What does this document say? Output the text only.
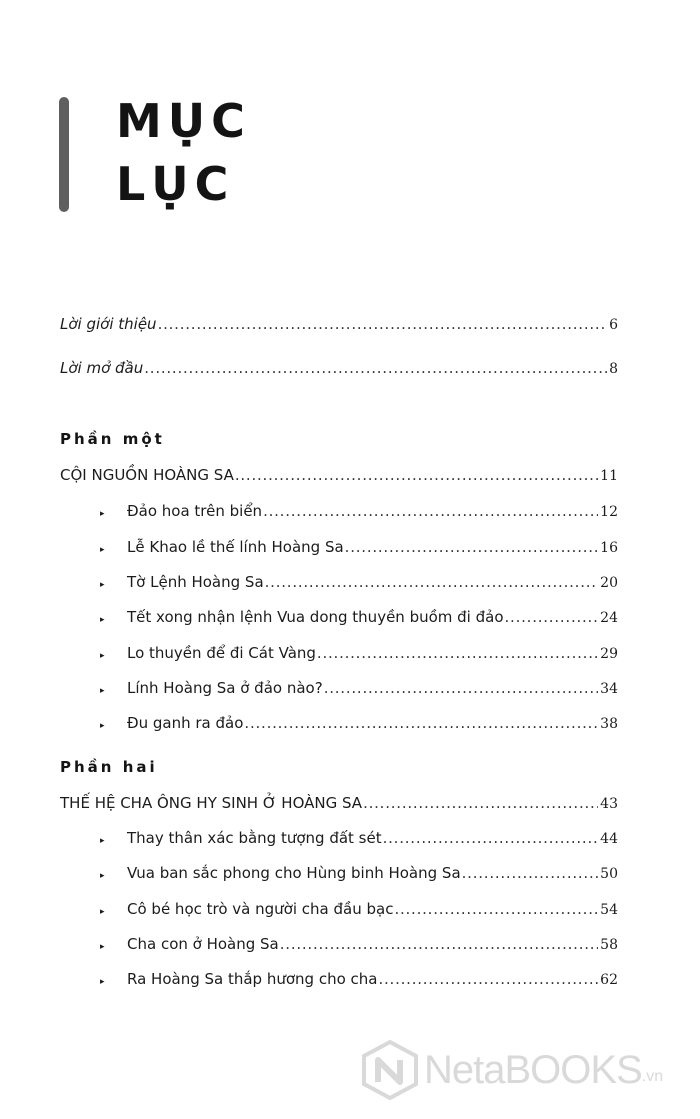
MỤC
LỤC
Lời giới thiệu . . .	6
Lời mở đầu . . .	8
Phần một
CỘI NGUỒN HOÀNG SA . . .	11
▸	Đảo hoa trên biển . . .	12
▸	Lễ Khao lề thế lính Hoàng Sa . . .	16
▸	Tờ Lệnh Hoàng Sa . . .	20
▸	Tết xong nhận lệnh Vua dong thuyền buồm đi đảo . . .	24
▸	Lo thuyền để đi Cát Vàng . . .	29
▸	Lính Hoàng Sa ở đảo nào? . . .	34
▸	Đu ganh ra đảo . . .	38
Phần hai
THẾ HỆ CHA ÔNG HY SINH Ở HOÀNG SA . . .	43
▸	Thay thân xác bằng tượng đất sét . . .	44
▸	Vua ban sắc phong cho Hùng binh Hoàng Sa . . .	50
▸	Cô bé học trò và người cha đầu bạc . . .	54
▸	Cha con ở Hoàng Sa . . .	58
▸	Ra Hoàng Sa thắp hương cho cha . . .	62
NetaBOOKS .vn
